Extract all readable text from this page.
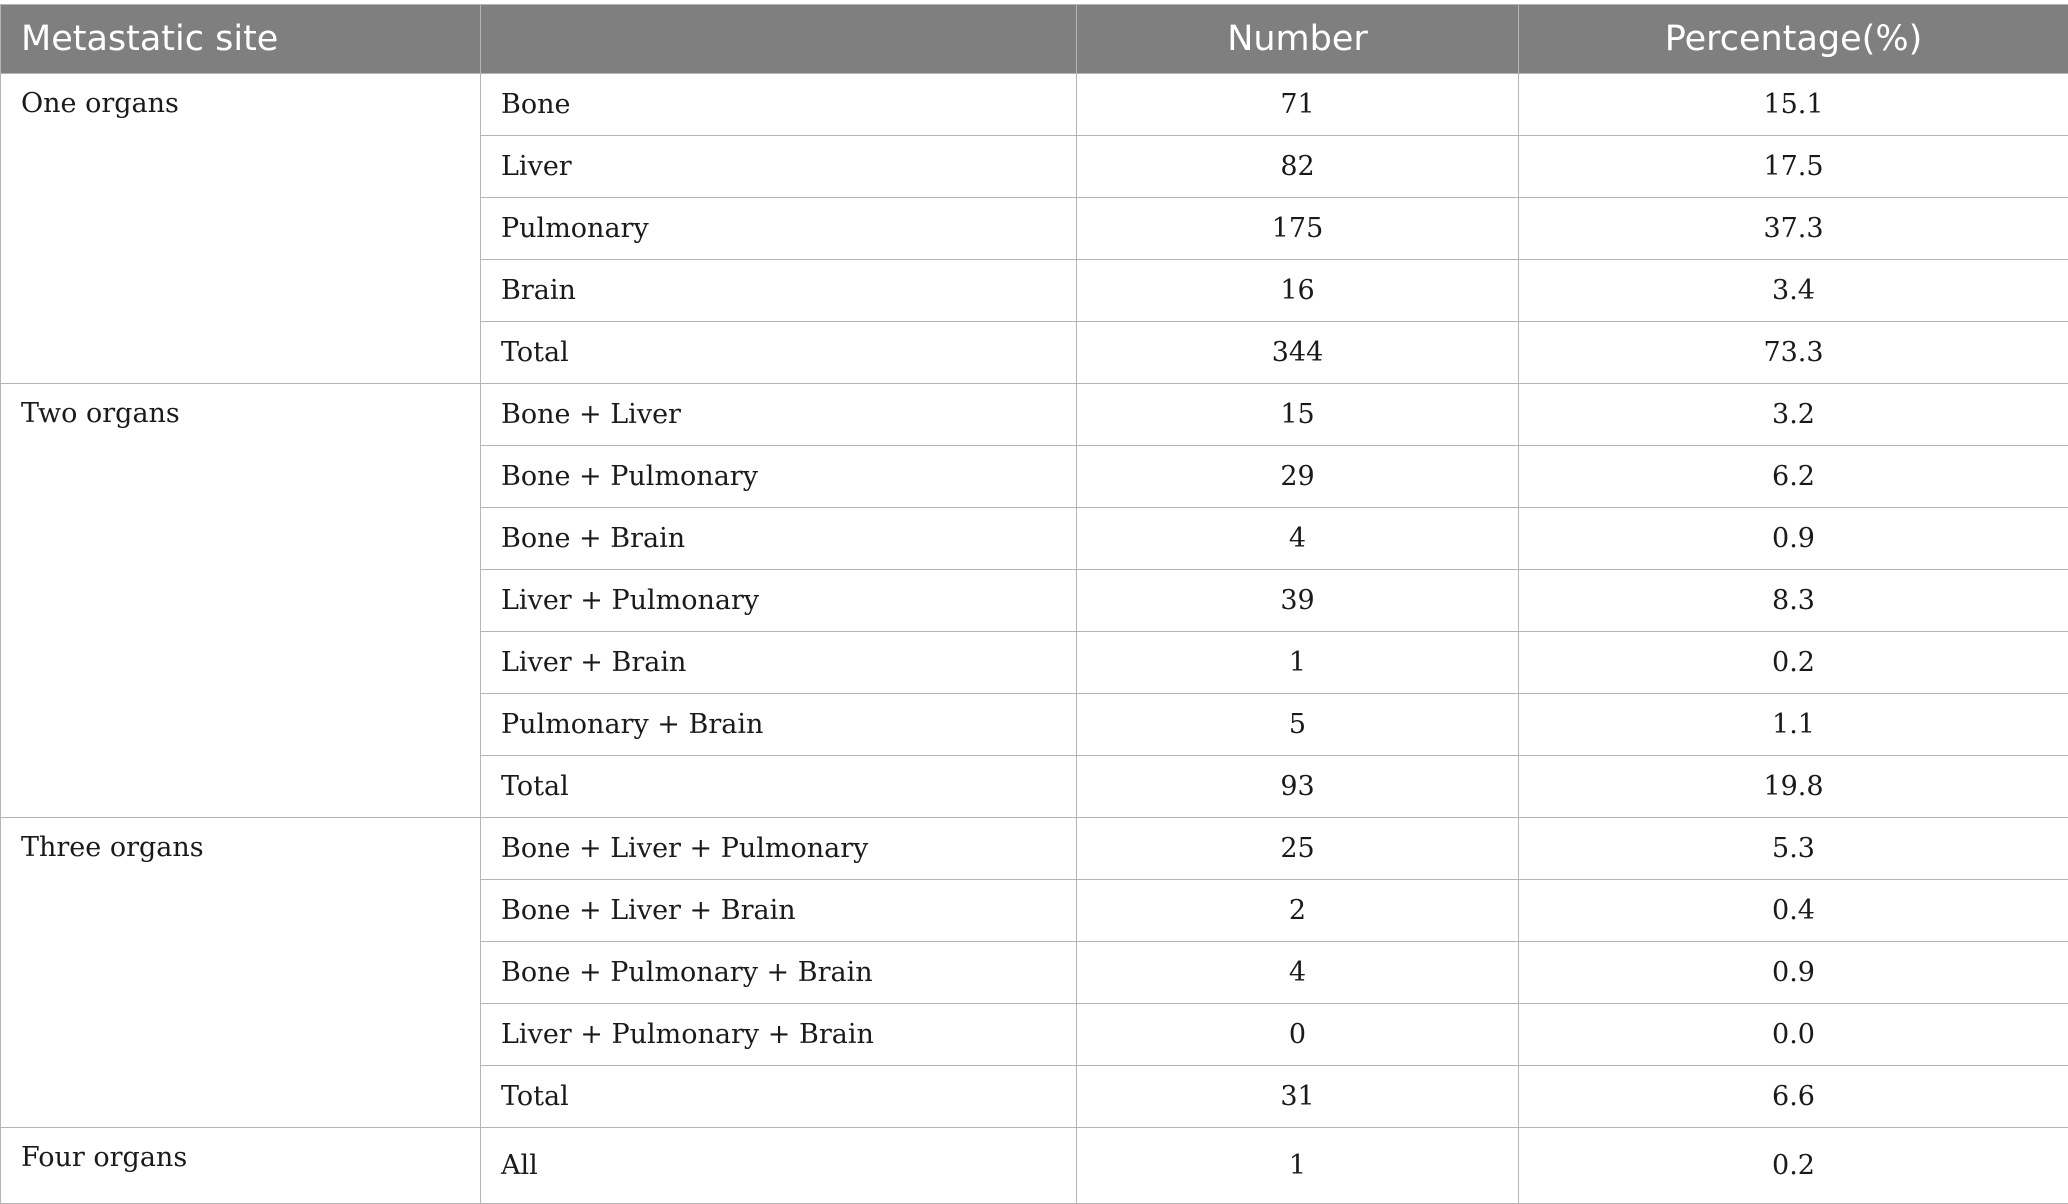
Metastatic site		Number	Percentage(%)
One organs	Bone	71	15.1
	Liver	82	17.5
	Pulmonary	175	37.3
	Brain	16	3.4
	Total	344	73.3
Two organs	Bone + Liver	15	3.2
	Bone + Pulmonary	29	6.2
	Bone + Brain	4	0.9
	Liver + Pulmonary	39	8.3
	Liver + Brain	1	0.2
	Pulmonary + Brain	5	1.1
	Total	93	19.8
Three organs	Bone + Liver + Pulmonary	25	5.3
	Bone + Liver + Brain	2	0.4
	Bone + Pulmonary + Brain	4	0.9
	Liver + Pulmonary + Brain	0	0.0
	Total	31	6.6
Four organs	All	1	0.2
